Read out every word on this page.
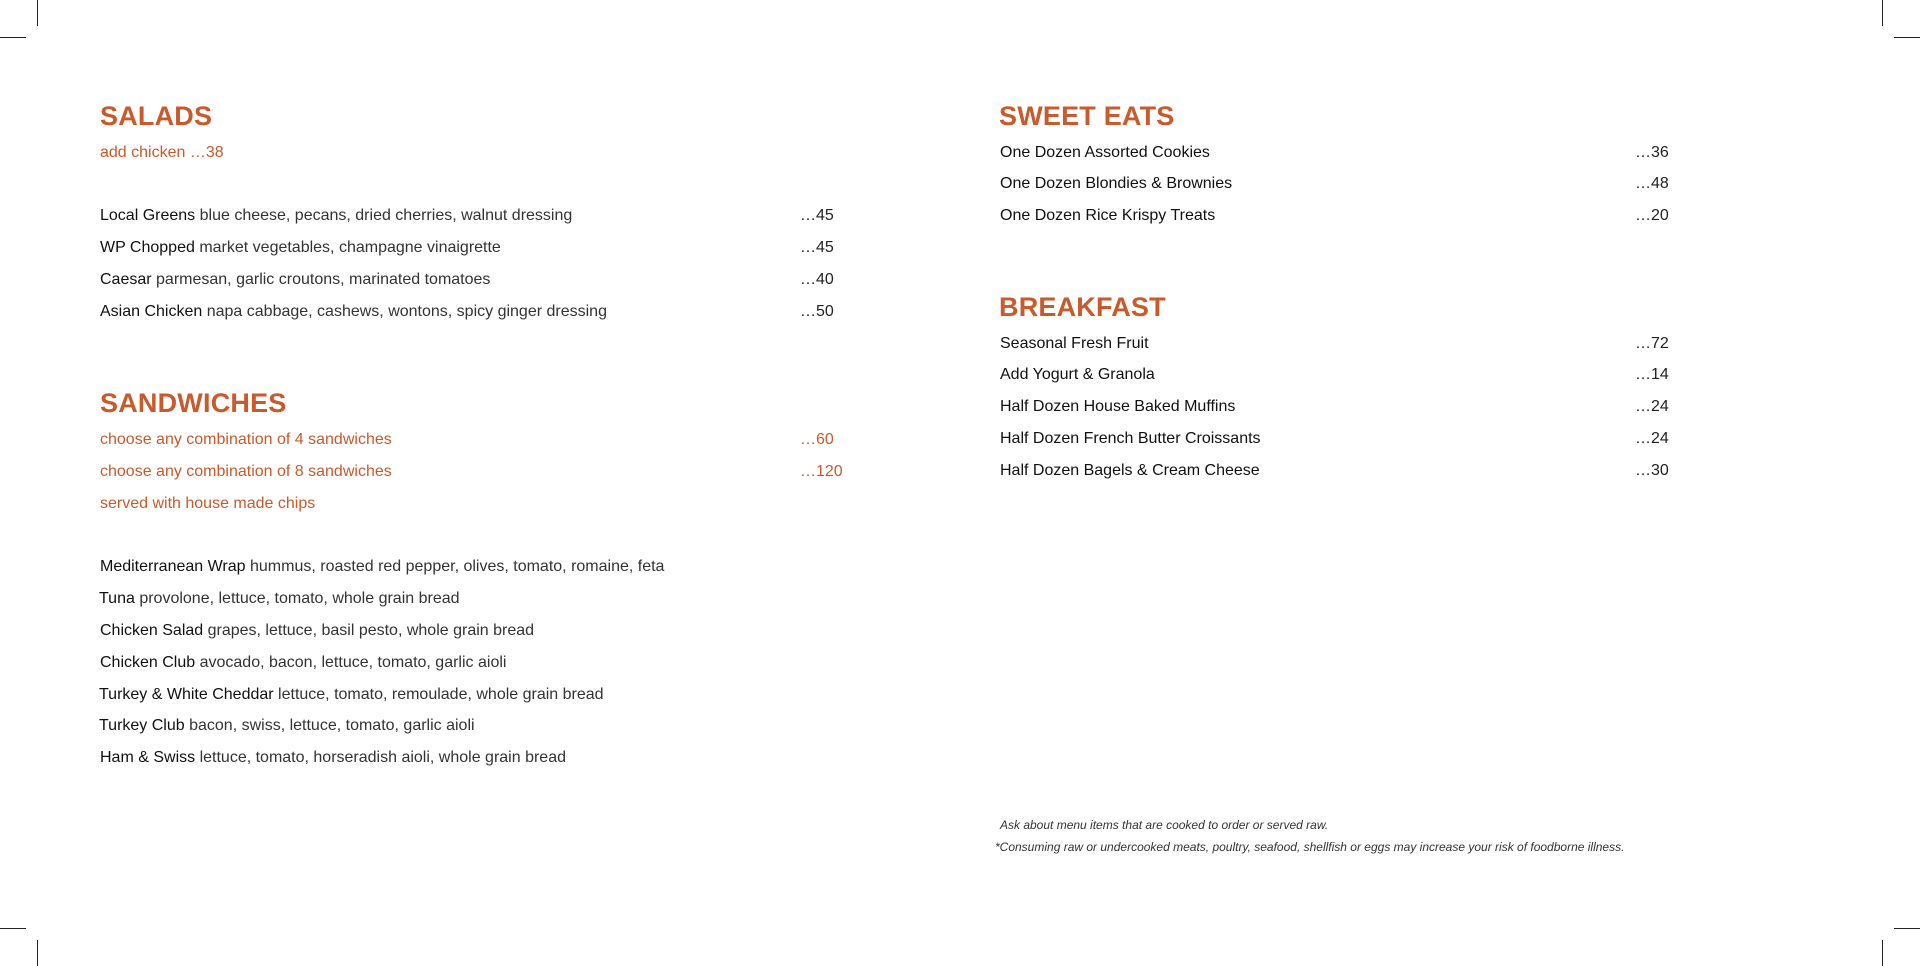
SALADS
add chicken …38
Local Greens blue cheese, pecans, dried cherries, walnut dressing	…45
WP Chopped market vegetables, champagne vinaigrette	…45
Caesar parmesan, garlic croutons, marinated tomatoes	…40
Asian Chicken napa cabbage, cashews, wontons, spicy ginger dressing	…50
SANDWICHES
choose any combination of 4 sandwiches	…60
choose any combination of 8 sandwiches	…120
served with house made chips
Mediterranean Wrap hummus, roasted red pepper, olives, tomato, romaine, feta
Tuna provolone, lettuce, tomato, whole grain bread
Chicken Salad grapes, lettuce, basil pesto, whole grain bread
Chicken Club avocado, bacon, lettuce, tomato, garlic aioli
Turkey & White Cheddar lettuce, tomato, remoulade, whole grain bread
Turkey Club bacon, swiss, lettuce, tomato, garlic aioli
Ham & Swiss lettuce, tomato, horseradish aioli, whole grain bread
SWEET EATS
One Dozen Assorted Cookies	…36
One Dozen Blondies & Brownies	…48
One Dozen Rice Krispy Treats	…20
BREAKFAST
Seasonal Fresh Fruit	…72
Add Yogurt & Granola	…14
Half Dozen House Baked Muffins	…24
Half Dozen French Butter Croissants	…24
Half Dozen Bagels & Cream Cheese	…30
Ask about menu items that are cooked to order or served raw.
*Consuming raw or undercooked meats, poultry, seafood, shellfish or eggs may increase your risk of foodborne illness.
